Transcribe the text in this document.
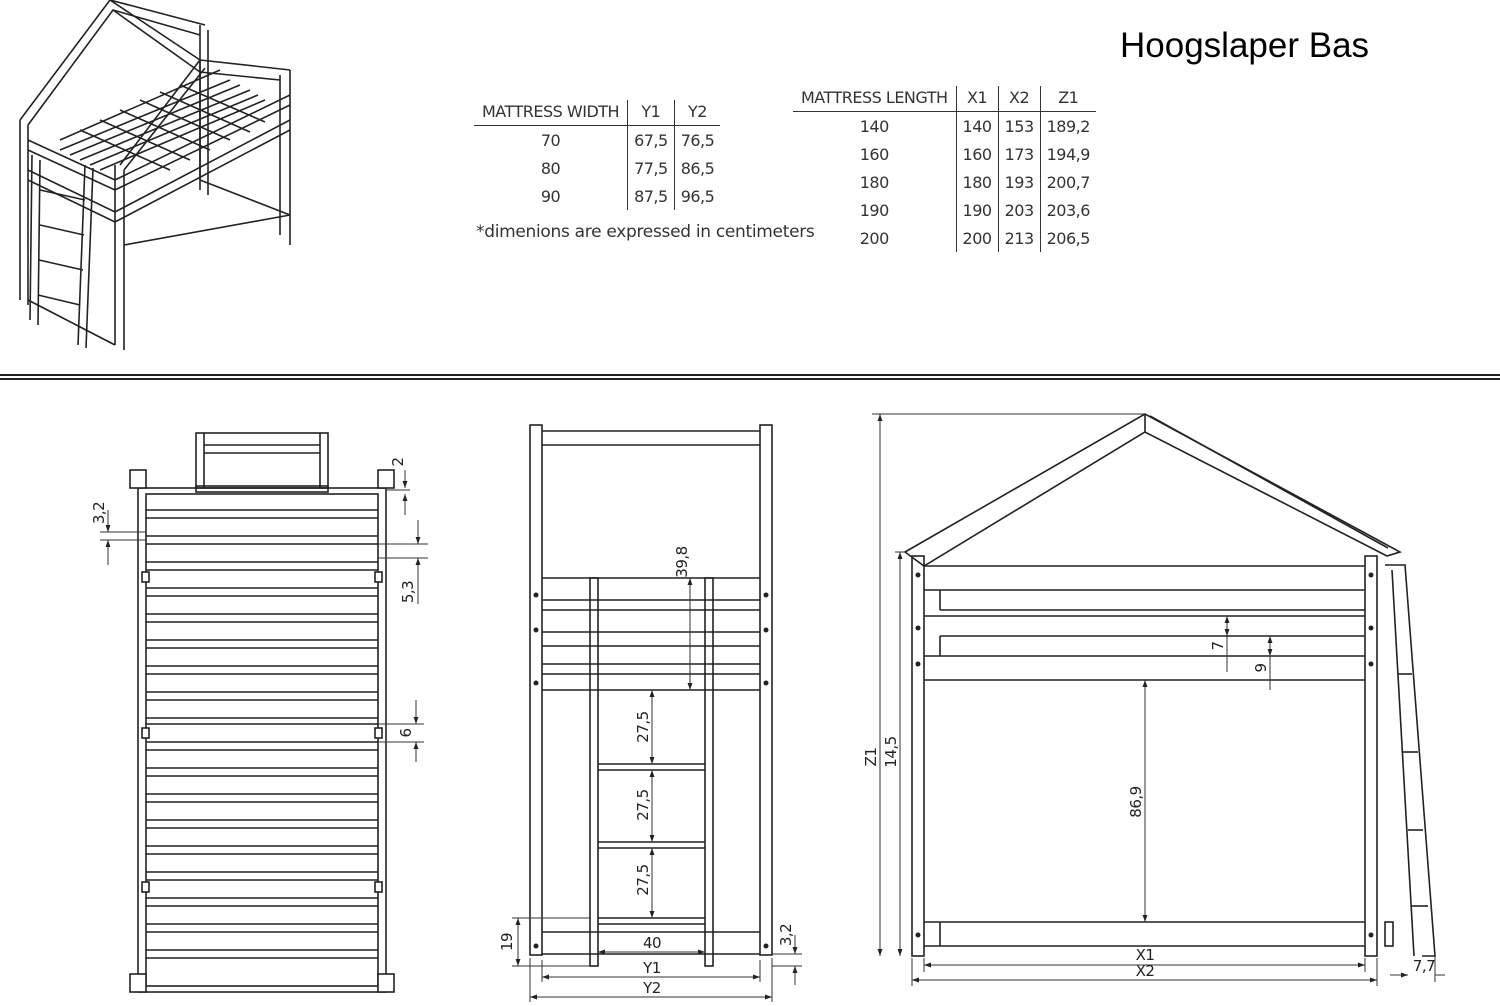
Hoogslaper Bas
MATTRESS WIDTH	Y1	Y2
70	67,5	76,5
80	77,5	86,5
90	87,5	96,5
*dimenions are expressed in centimeters
MATTRESS LENGTH	X1	X2	Z1
140	140	153	189,2
160	160	173	194,9
180	180	193	200,7
190	190	203	203,6
200	200	213	206,5
3,2
2
5,3
6
39,8
27,5
27,5
27,5
19	40
Y1
Y2
3,2
Z1 14,5
7
9
86,9
X1
X2	7,7
